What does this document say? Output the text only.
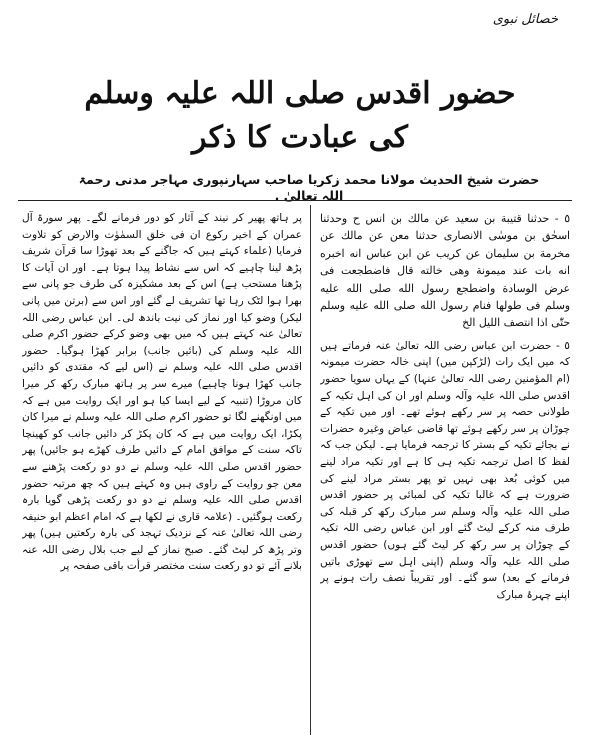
خصائل نبوی
حضور اقدس صلی اللہ علیہ وسلم کی عبادت کا ذکر
حضرت شیخ الحدیث مولانا محمد زکریا صاحب سہارنپوری مہاجر مدنی رحمۃ اللہ تعالیٰ .

٥ - حدثنا قتيبة بن سعيد عن مالك بن انس ح وحدثنا اسحٰق بن موسٰى الانصارى حدثنا معن عن مالك عن مخرمة بن سليمان عن كريب عن ابن عباس انه اخبره انه بات عند ميمونة وهى خالته قال فاضطجعت فى عرض الوسادة واضطجع رسول الله صلى الله عليه وسلم فى طولها فنام رسول الله صلى الله عليه وسلم حتّٰى اذا انتصف الليل الخ

٥ - حضرت ابن عباس رضی اللہ تعالیٰ عنہ فرماتے ہیں کہ میں ایک رات (لڑکپن میں) اپنی خالہ حضرت میمونہ (ام المؤمنین رضی اللہ تعالیٰ عنہا) کے یہاں سویا حضور اقدس صلی اللہ علیہ وآلہ وسلم اور ان کی اہل تکیہ کے طولانی حصہ پر سر رکھے ہوئے تھے۔ اور میں تکیہ کے چوڑان پر سر رکھے ہوئے تھا قاضی عیاض وغیرہ حضرات نے بجائے تکیہ کے بستر کا ترجمہ فرمایا ہے۔ لیکن جب کہ لفظ کا اصل ترجمہ تکیہ ہی کا ہے اور تکیہ مراد لینے میں کوئی بُعد بھی نہیں تو پھر بستر مراد لینے کی ضرورت ہے کہ غالبا تکیہ کی لمبائی پر حضور اقدس صلی اللہ علیہ وآلہ وسلم سر مبارک رکھ کر قبلہ کی طرف منہ کرکے لیٹ گئے اور ابن عباس رضی اللہ تکیہ کے چوڑان پر سر رکھ کر لیٹ گئے ہوں) حضور اقدس صلی اللہ علیہ وآلہ وسلم (اپنی اہل سے تھوڑی باتیں فرمانے کے بعد) سو گئے۔ اور تقریباً نصف رات ہونے پر اپنے چہرۂ مبارک

پر ہاتھ پھیر کر نیند کے آثار کو دور فرمانے لگے۔ پھر سورۃ آل عمران کے اخیر رکوع ان فی خلق السمٰوٰت والارض کو تلاوت فرمایا (علماء کہتے ہیں کہ جاگنے کے بعد تھوڑا سا قرآن شریف پڑھ لینا چاہیے کہ اس سے نشاط پیدا ہوتا ہے۔ اور ان آیات کا پڑھنا مستحب ہے) اس کے بعد مشکیزہ کی طرف جو پانی سے بھرا ہوا لٹک رہا تھا تشریف لے گئے اور اس سے (برتن میں پانی لیکر) وضو کیا اور نماز کی نیت باندھ لی۔ ابن عباس رضی اللہ تعالیٰ عنہ کہتے ہیں کہ میں بھی وضو کرکے حضور اکرم صلی اللہ علیہ وسلم کی (بائیں جانب) برابر کھڑا ہوگیا۔ حضور اقدس صلی اللہ علیہ وسلم نے (اس لیے کہ مقتدی کو دائیں جانب کھڑا ہونا چاہیے) میرے سر پر ہاتھ مبارک رکھ کر میرا کان مروڑا (تنبیہ کے لیے ایسا کیا ہو اور ایک روایت میں ہے کہ میں اونگھنے لگا تو حضور اکرم صلی اللہ علیہ وسلم نے میرا کان پکڑا، ایک روایت میں ہے کہ کان پکڑ کر دائیں جانب کو کھینچا تاکہ سنت کے موافق امام کے دائیں طرف کھڑے ہو جائیں) پھر حضور اقدس صلی اللہ علیہ وسلم نے دو دو رکعت پڑھنے سے معن جو روایت کے راوی ہیں وہ کہتے ہیں کہ چھ مرتبہ حضور اقدس صلی اللہ علیہ وسلم نے دو دو رکعت پڑھی گویا بارہ رکعت ہوگئیں۔ (علامہ قاری نے لکھا ہے کہ امام اعظم ابو حنیفہ رضی اللہ تعالیٰ عنہ کے نزدیک تہجد کی بارہ رکعتیں ہیں) پھر وتر پڑھ کر لیٹ گئے۔ صبح نماز کے لیے جب بلال رضی اللہ عنہ بلانے آئے تو دو رکعت سنت مختصر قرأت باقی صفحہ پر
